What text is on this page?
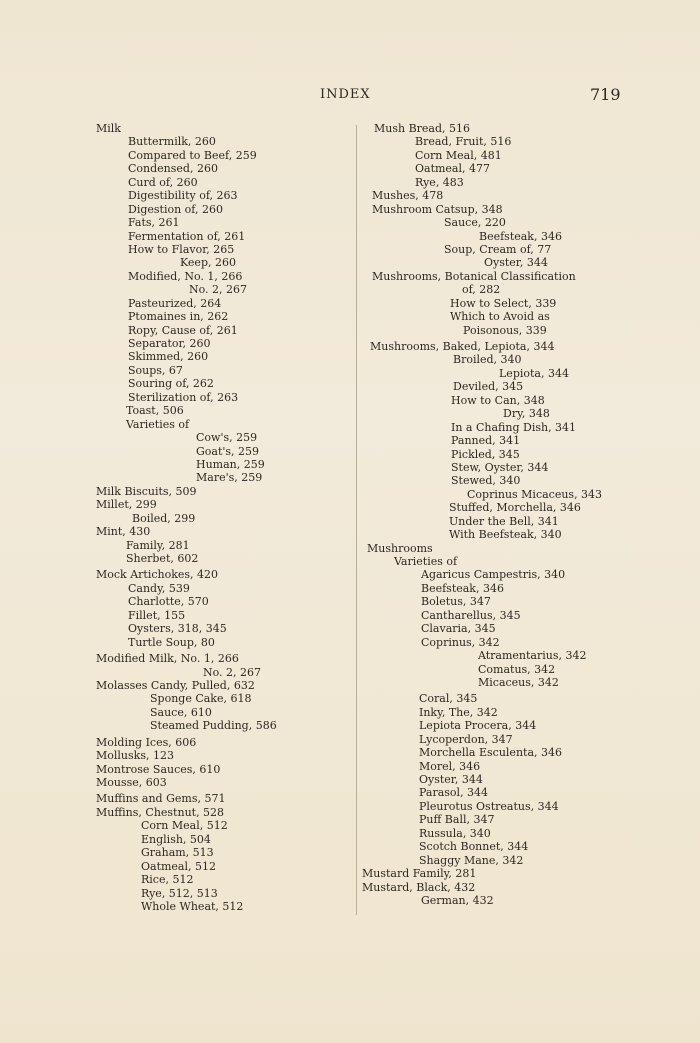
INDEX	719
Milk
Buttermilk, 260
Compared to Beef, 259
Condensed, 260
Curd of, 260
Digestibility of, 263
Digestion of, 260
Fats, 261
Fermentation of, 261
How to Flavor, 265
Keep, 260
Modified, No. 1, 266
No. 2, 267
Pasteurized, 264
Ptomaines in, 262
Ropy, Cause of, 261
Separator, 260
Skimmed, 260
Soups, 67
Souring of, 262
Sterilization of, 263
Toast, 506
Varieties of
Cow's, 259
Goat's, 259
Human, 259
Mare's, 259
Milk Biscuits, 509
Millet, 299
Boiled, 299
Mint, 430
Family, 281
Sherbet, 602
Mock Artichokes, 420
Candy, 539
Charlotte, 570
Fillet, 155
Oysters, 318, 345
Turtle Soup, 80
Modified Milk, No. 1, 266
No. 2, 267
Molasses Candy, Pulled, 632
Sponge Cake, 618
Sauce, 610
Steamed Pudding, 586
Molding Ices, 606
Mollusks, 123
Montrose Sauces, 610
Mousse, 603
Muffins and Gems, 571
Muffins, Chestnut, 528
Corn Meal, 512
English, 504
Graham, 513
Oatmeal, 512
Rice, 512
Rye, 512, 513
Whole Wheat, 512
Mush Bread, 516
Bread, Fruit, 516
Corn Meal, 481
Oatmeal, 477
Rye, 483
Mushes, 478
Mushroom Catsup, 348
Sauce, 220
Beefsteak, 346
Soup, Cream of, 77
Oyster, 344
Mushrooms, Botanical Classification
of, 282
How to Select, 339
Which to Avoid as
Poisonous, 339
Mushrooms, Baked, Lepiota, 344
Broiled, 340
Lepiota, 344
Deviled, 345
How to Can, 348
Dry, 348
In a Chafing Dish, 341
Panned, 341
Pickled, 345
Stew, Oyster, 344
Stewed, 340
Coprinus Micaceus, 343
Stuffed, Morchella, 346
Under the Bell, 341
With Beefsteak, 340
Mushrooms
Varieties of
Agaricus Campestris, 340
Beefsteak, 346
Boletus, 347
Cantharellus, 345
Clavaria, 345
Coprinus, 342
Atramentarius, 342
Comatus, 342
Micaceus, 342
Coral, 345
Inky, The, 342
Lepiota Procera, 344
Lycoperdon, 347
Morchella Esculenta, 346
Morel, 346
Oyster, 344
Parasol, 344
Pleurotus Ostreatus, 344
Puff Ball, 347
Russula, 340
Scotch Bonnet, 344
Shaggy Mane, 342
Mustard Family, 281
Mustard, Black, 432
German, 432
